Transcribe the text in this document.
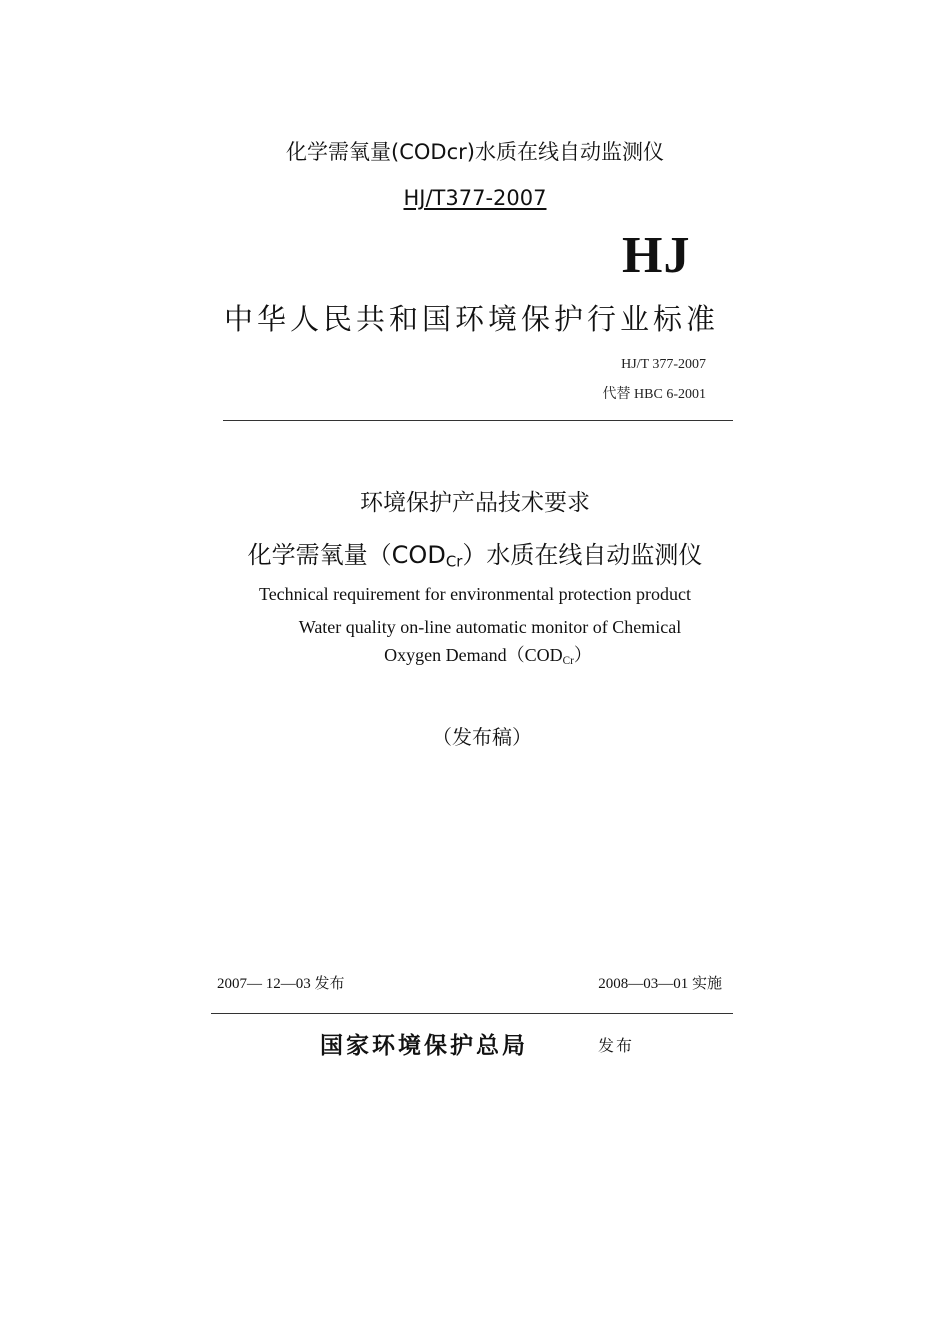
化学需氧量(CODcr)水质在线自动监测仪
HJ/T377-2007
HJ
中华人民共和国环境保护行业标准
HJ/T 377-2007
代替 HBC 6-2001
环境保护产品技术要求
化学需氧量$(COD_{Cr})$水质在线自动监测仪
Technical requirement for environmental protection product
Water quality on-line automatic monitor of Chemical
Oxygen $Demand(COD_{Cr})$
（发布稿）
2007— 12—03 发布	2008—03—01 实施
国家环境保护总局	发布
